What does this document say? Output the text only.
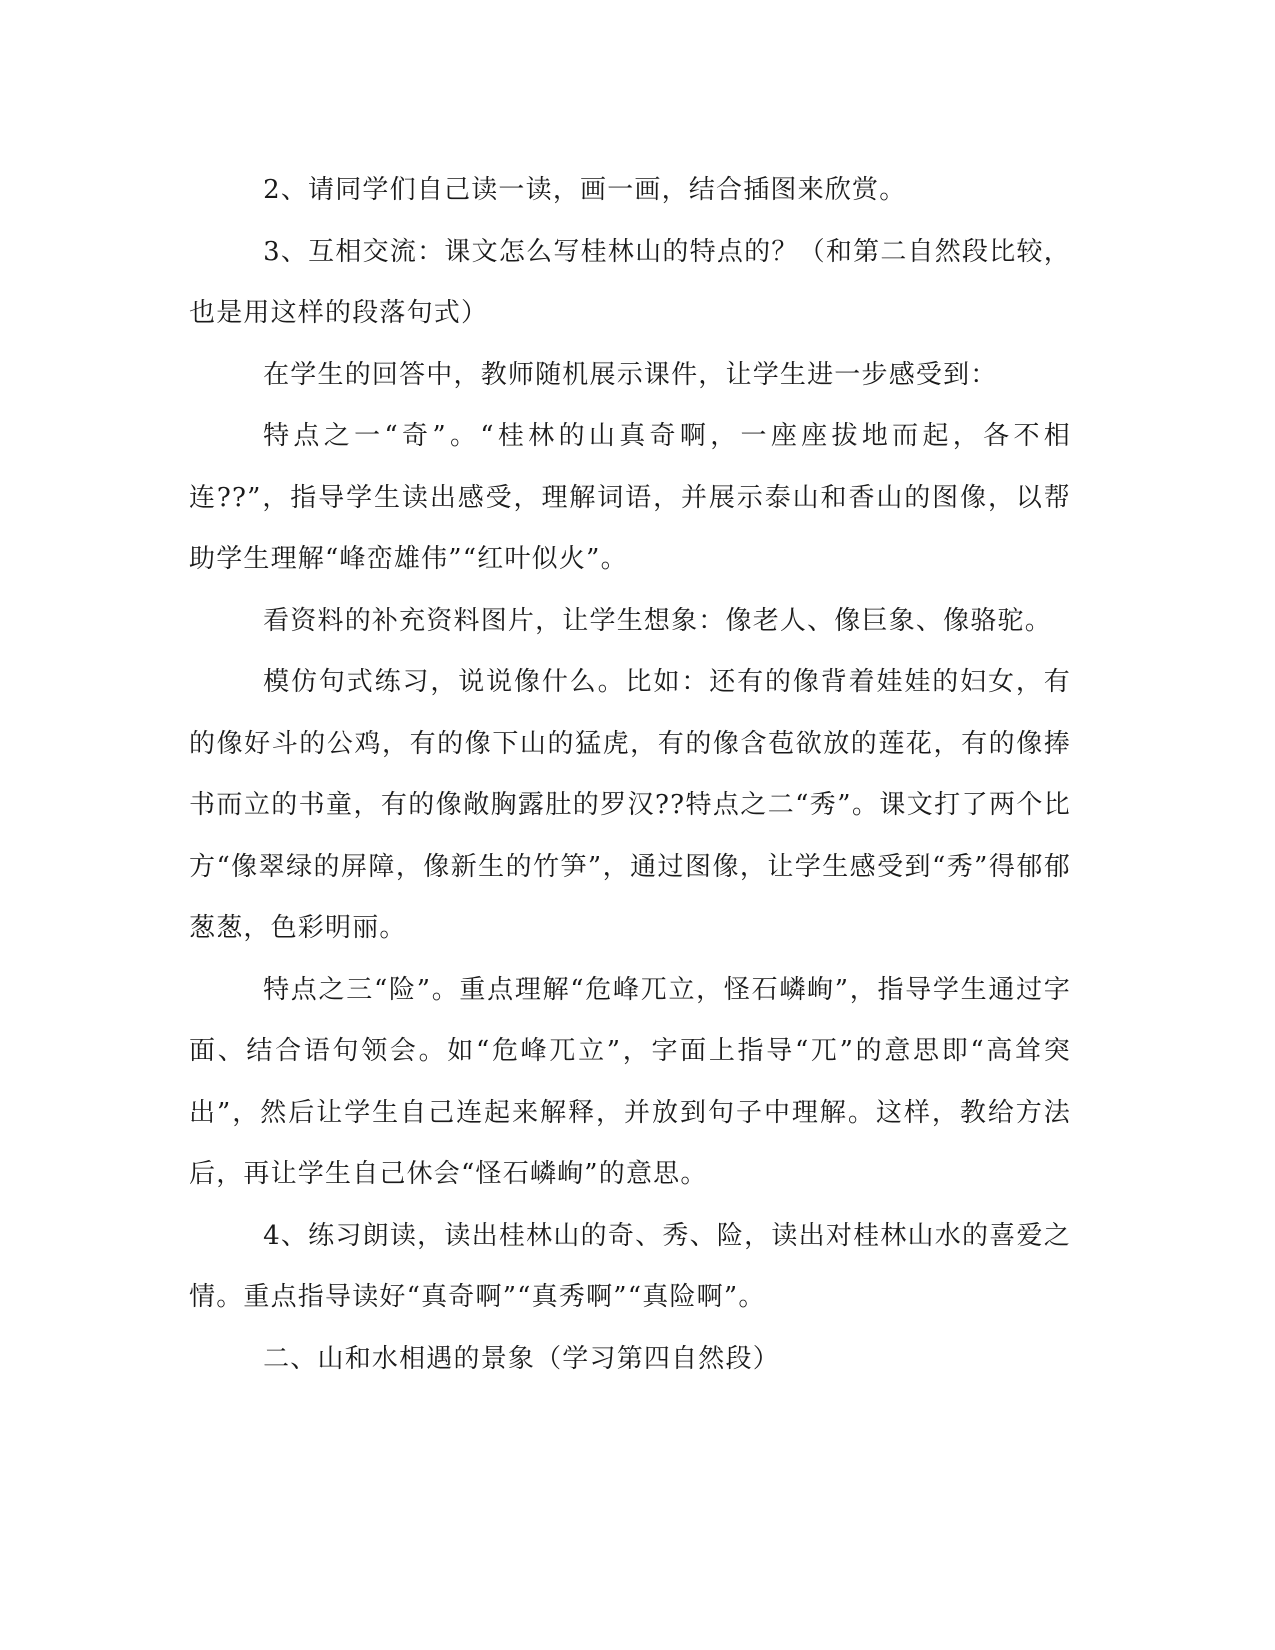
2、请同学们自己读一读，画一画，结合插图来欣赏。

3、互相交流：课文怎么写桂林山的特点的？（和第二自然段比较，也是用这样的段落句式）

在学生的回答中，教师随机展示课件，让学生进一步感受到：

特点之一“奇”。“桂林的山真奇啊，一座座拔地而起，各不相连??”，指导学生读出感受，理解词语，并展示泰山和香山的图像，以帮助学生理解“峰峦雄伟”“红叶似火”。

看资料的补充资料图片，让学生想象：像老人、像巨象、像骆驼。

模仿句式练习，说说像什么。比如：还有的像背着娃娃的妇女，有的像好斗的公鸡，有的像下山的猛虎，有的像含苞欲放的莲花，有的像捧书而立的书童，有的像敞胸露肚的罗汉??特点之二“秀”。课文打了两个比方“像翠绿的屏障，像新生的竹笋”，通过图像，让学生感受到“秀”得郁郁葱葱，色彩明丽。

特点之三“险”。重点理解“危峰兀立，怪石嶙峋”，指导学生通过字面、结合语句领会。如“危峰兀立”，字面上指导“兀”的意思即“高耸突出”，然后让学生自己连起来解释，并放到句子中理解。这样，教给方法后，再让学生自己休会“怪石嶙峋”的意思。

4、练习朗读，读出桂林山的奇、秀、险，读出对桂林山水的喜爱之情。重点指导读好“真奇啊”“真秀啊”“真险啊”。

二、山和水相遇的景象（学习第四自然段）
